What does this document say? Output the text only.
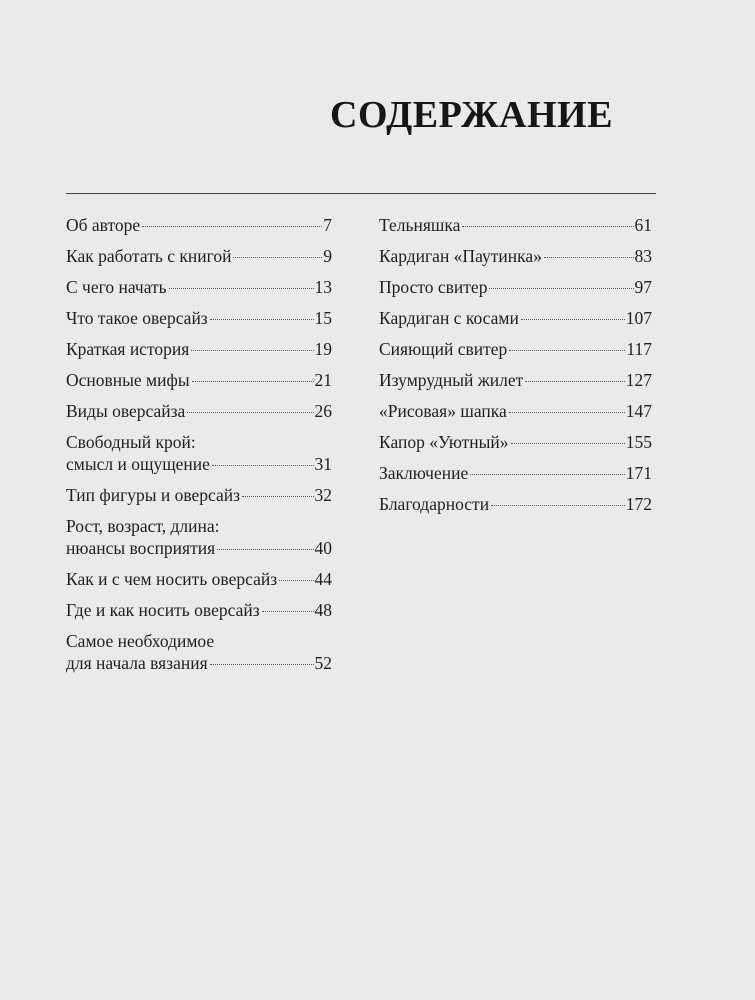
СОДЕРЖАНИЕ
Об авторе	7
Как работать с книгой	9
С чего начать	13
Что такое оверсайз	15
Краткая история	19
Основные мифы	21
Виды оверсайза	26
Свободный крой:
смысл и ощущение	31
Тип фигуры и оверсайз	32
Рост, возраст, длина:
нюансы восприятия	40
Как и с чем носить оверсайз 44
Где и как носить оверсайз	48
Самое необходимое
для начала вязания	52
Тельняшка	61
Кардиган «Паутинка»	83
Просто свитер	97
Кардиган с косами	107
Сияющий свитер	117
Изумрудный жилет	127
«Рисовая» шапка	147
Капор «Уютный»	155
Заключение	171
Благодарности	172
